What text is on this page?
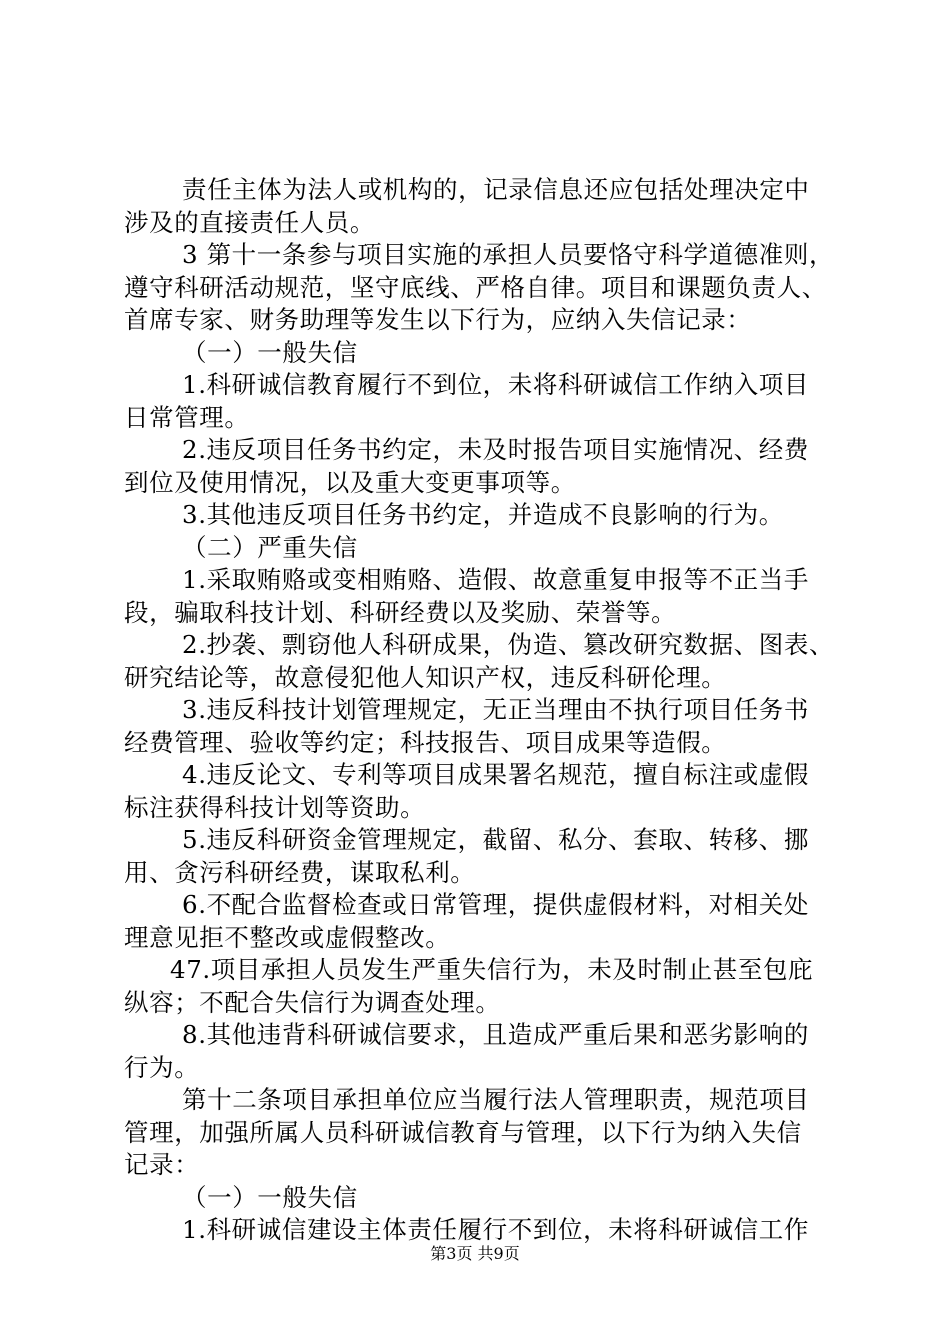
责任主体为法人或机构的，记录信息还应包括处理决定中
涉及的直接责任人员。
3 第十一条参与项目实施的承担人员要恪守科学道德准则，
遵守科研活动规范，坚守底线、严格自律。项目和课题负责人、
首席专家、财务助理等发生以下行为，应纳入失信记录：
（一）一般失信
1.科研诚信教育履行不到位，未将科研诚信工作纳入项目
日常管理。
2.违反项目任务书约定，未及时报告项目实施情况、经费
到位及使用情况，以及重大变更事项等。
3.其他违反项目任务书约定，并造成不良影响的行为。
（二）严重失信
1.采取贿赂或变相贿赂、造假、故意重复申报等不正当手
段，骗取科技计划、科研经费以及奖励、荣誉等。
2.抄袭、剽窃他人科研成果，伪造、篡改研究数据、图表、
研究结论等，故意侵犯他人知识产权，违反科研伦理。
3.违反科技计划管理规定，无正当理由不执行项目任务书
经费管理、验收等约定；科技报告、项目成果等造假。
4.违反论文、专利等项目成果署名规范，擅自标注或虚假
标注获得科技计划等资助。
5.违反科研资金管理规定，截留、私分、套取、转移、挪
用、贪污科研经费，谋取私利。
6.不配合监督检查或日常管理，提供虚假材料，对相关处
理意见拒不整改或虚假整改。
47.项目承担人员发生严重失信行为，未及时制止甚至包庇
纵容；不配合失信行为调查处理。
8.其他违背科研诚信要求，且造成严重后果和恶劣影响的
行为。
第十二条项目承担单位应当履行法人管理职责，规范项目
管理，加强所属人员科研诚信教育与管理，以下行为纳入失信
记录：
（一）一般失信
1.科研诚信建设主体责任履行不到位，未将科研诚信工作
第3页 共9页
